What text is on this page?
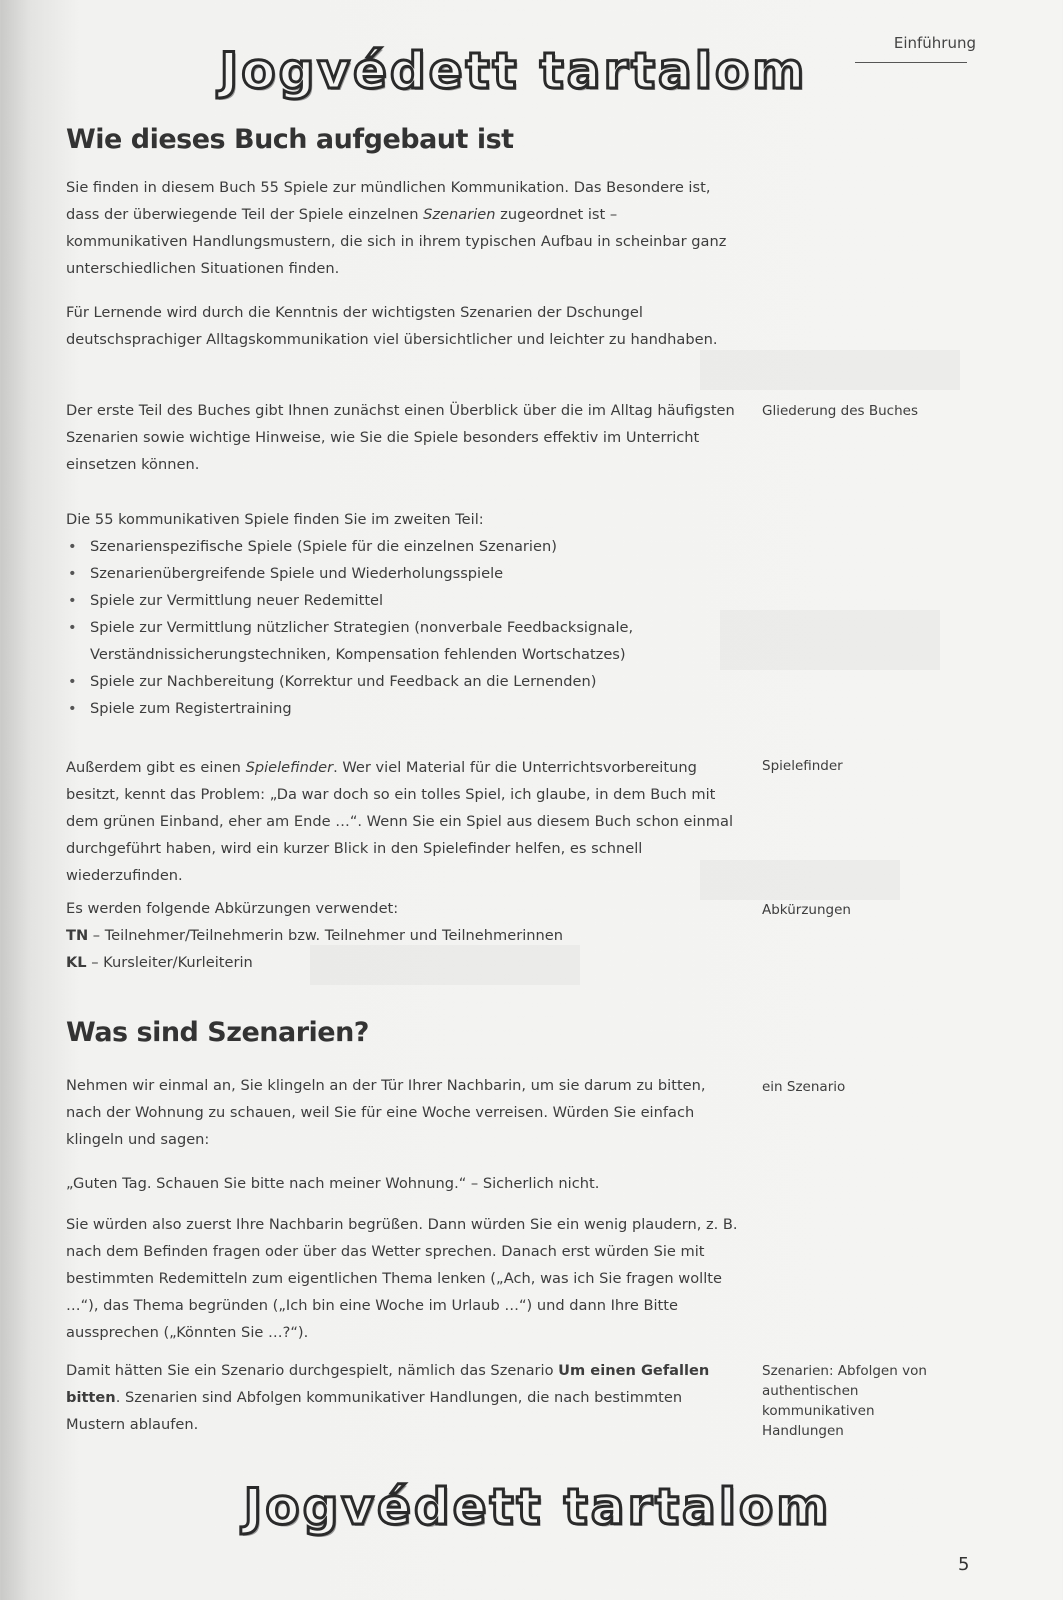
Einführung
Jogvédett tartalom
Wie dieses Buch aufgebaut ist

Sie finden in diesem Buch 55 Spiele zur mündlichen Kommunikation. Das Besondere ist, dass der überwiegende Teil der Spiele einzelnen Szenarien zugeordnet ist – kommunikativen Handlungsmustern, die sich in ihrem typischen Aufbau in scheinbar ganz unterschiedlichen Situationen finden.

Für Lernende wird durch die Kenntnis der wichtigsten Szenarien der Dschungel deutschsprachiger Alltagskommunikation viel übersichtlicher und leichter zu handhaben.

Der erste Teil des Buches gibt Ihnen zunächst einen Überblick über die im Alltag häufigsten Szenarien sowie wichtige Hinweise, wie Sie die Spiele besonders effektiv im Unterricht einsetzen können.

Gliederung des Buches

Die 55 kommunikativen Spiele finden Sie im zweiten Teil:

• Szenarienspezifische Spiele (Spiele für die einzelnen Szenarien)
• Szenarienübergreifende Spiele und Wiederholungsspiele
• Spiele zur Vermittlung neuer Redemittel
• Spiele zur Vermittlung nützlicher Strategien (nonverbale Feedbacksignale, Verständnissicherungstechniken, Kompensation fehlenden Wortschatzes)
• Spiele zur Nachbereitung (Korrektur und Feedback an die Lernenden)
• Spiele zum Registertraining

Außerdem gibt es einen Spielefinder. Wer viel Material für die Unterrichtsvorbereitung besitzt, kennt das Problem: „Da war doch so ein tolles Spiel, ich glaube, in dem Buch mit dem grünen Einband, eher am Ende …“. Wenn Sie ein Spiel aus diesem Buch schon einmal durchgeführt haben, wird ein kurzer Blick in den Spielefinder helfen, es schnell wiederzufinden.

Spielefinder

Es werden folgende Abkürzungen verwendet:

TN – Teilnehmer/Teilnehmerin bzw. Teilnehmer und Teilnehmerinnen

KL – Kursleiter/Kurleiterin

Abkürzungen
Was sind Szenarien?

Nehmen wir einmal an, Sie klingeln an der Tür Ihrer Nachbarin, um sie darum zu bitten, nach der Wohnung zu schauen, weil Sie für eine Woche verreisen. Würden Sie einfach klingeln und sagen:

ein Szenario

„Guten Tag. Schauen Sie bitte nach meiner Wohnung.“ – Sicherlich nicht.

Sie würden also zuerst Ihre Nachbarin begrüßen. Dann würden Sie ein wenig plaudern, z. B. nach dem Befinden fragen oder über das Wetter sprechen. Danach erst würden Sie mit bestimmten Redemitteln zum eigentlichen Thema lenken („Ach, was ich Sie fragen wollte …“), das Thema begründen („Ich bin eine Woche im Urlaub …“) und dann Ihre Bitte aussprechen („Könnten Sie …?“).

Damit hätten Sie ein Szenario durchgespielt, nämlich das Szenario Um einen Gefallen bitten. Szenarien sind Abfolgen kommunikativer Handlungen, die nach bestimmten Mustern ablaufen.

Szenarien: Abfolgen von authentischen kommunikativen Handlungen
Jogvédett tartalom
5
